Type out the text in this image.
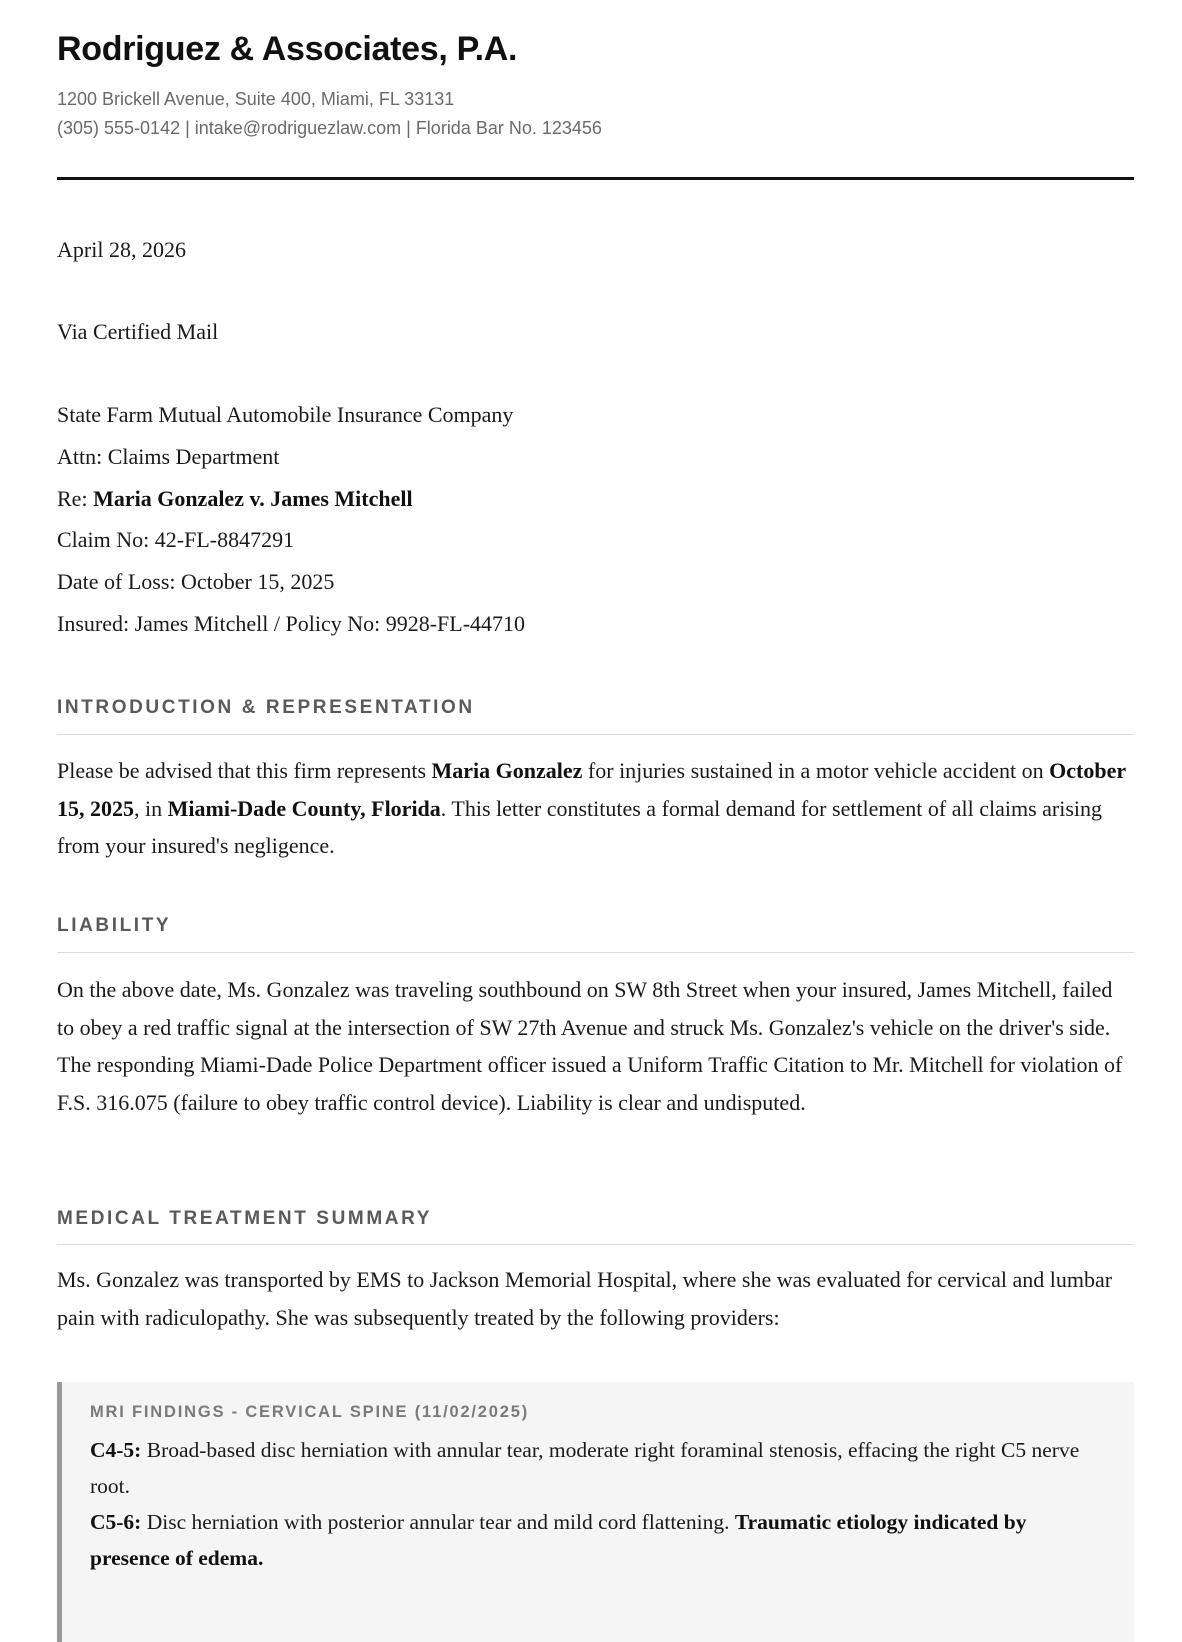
Rodriguez & Associates, P.A.
1200 Brickell Avenue, Suite 400, Miami, FL 33131
(305) 555-0142 | intake@rodriguezlaw.com | Florida Bar No. 123456
April 28, 2026
Via Certified Mail
State Farm Mutual Automobile Insurance Company
Attn: Claims Department
Re: Maria Gonzalez v. James Mitchell
Claim No: 42-FL-8847291
Date of Loss: October 15, 2025
Insured: James Mitchell / Policy No: 9928-FL-44710
INTRODUCTION & REPRESENTATION

Please be advised that this firm represents Maria Gonzalez for injuries sustained in a motor vehicle accident on October 15, 2025, in Miami-Dade County, Florida. This letter constitutes a formal demand for settlement of all claims arising from your insured's negligence.

LIABILITY

On the above date, Ms. Gonzalez was traveling southbound on SW 8th Street when your insured, James Mitchell, failed to obey a red traffic signal at the intersection of SW 27th Avenue and struck Ms. Gonzalez's vehicle on the driver's side. The responding Miami-Dade Police Department officer issued a Uniform Traffic Citation to Mr. Mitchell for violation of F.S. 316.075 (failure to obey traffic control device). Liability is clear and undisputed.

MEDICAL TREATMENT SUMMARY

Ms. Gonzalez was transported by EMS to Jackson Memorial Hospital, where she was evaluated for cervical and lumbar pain with radiculopathy. She was subsequently treated by the following providers:

MRI FINDINGS - CERVICAL SPINE (11/02/2025)

C4-5: Broad-based disc herniation with annular tear, moderate right foraminal stenosis, effacing the right C5 nerve root.
C5-6: Disc herniation with posterior annular tear and mild cord flattening. Traumatic etiology indicated by presence of edema.
